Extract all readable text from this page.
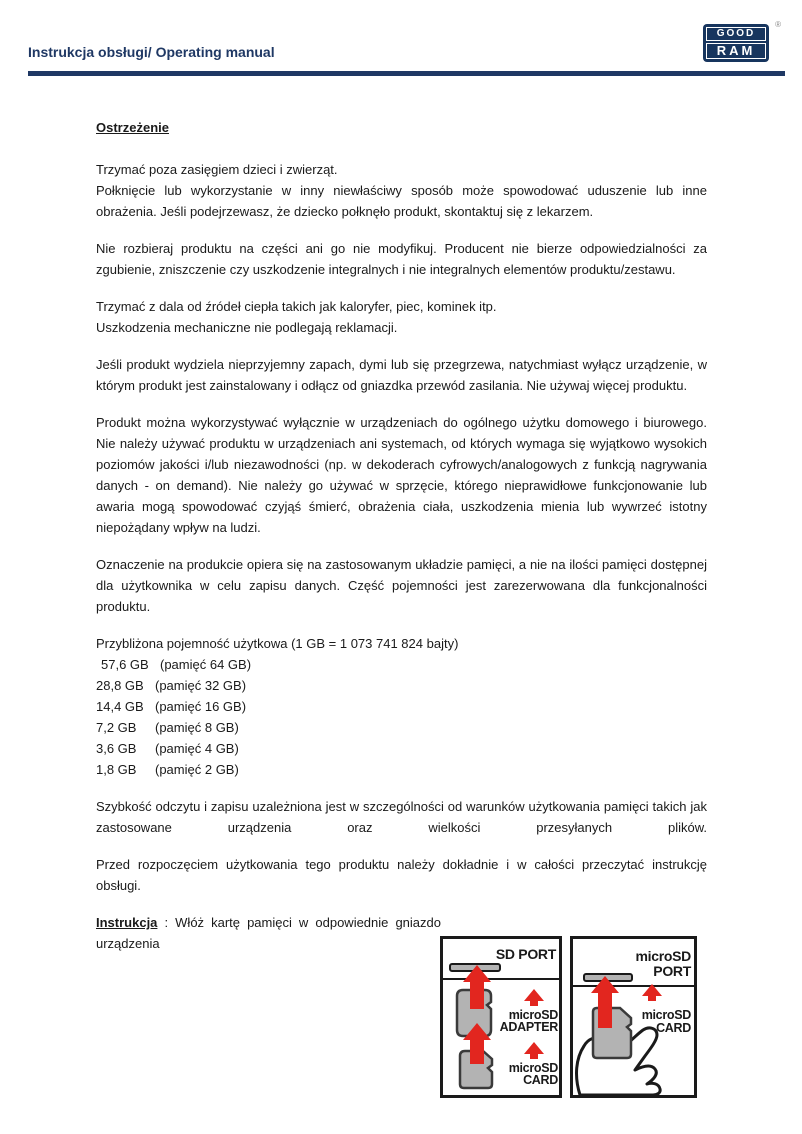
Instrukcja obsługi/ Operating manual
GOOD
RAM
®
Ostrzeżenie
Trzymać poza zasięgiem dzieci i zwierząt.
Połknięcie lub wykorzystanie w inny niewłaściwy sposób może spowodować uduszenie lub inne obrażenia. Jeśli podejrzewasz, że dziecko połknęło produkt, skontaktuj się z lekarzem.
Nie rozbieraj produktu na części ani go nie modyfikuj. Producent nie bierze odpowiedzialności za zgubienie, zniszczenie czy uszkodzenie integralnych i nie integralnych elementów produktu/zestawu.
Trzymać z dala od źródeł ciepła takich jak kaloryfer, piec, kominek itp.
Uszkodzenia mechaniczne nie podlegają reklamacji.
Jeśli produkt wydziela nieprzyjemny zapach, dymi lub się przegrzewa, natychmiast wyłącz urządzenie, w którym produkt jest zainstalowany i odłącz od gniazdka przewód zasilania. Nie używaj więcej produktu.
Produkt można wykorzystywać wyłącznie w urządzeniach do ogólnego użytku domowego i biurowego. Nie należy używać produktu w urządzeniach ani systemach, od których wymaga się wyjątkowo wysokich poziomów jakości i/lub niezawodności (np. w dekoderach cyfrowych/analogowych z funkcją nagrywania danych - on demand). Nie należy go używać w sprzęcie, którego nieprawidłowe funkcjonowanie lub awaria mogą spowodować czyjąś śmierć, obrażenia ciała, uszkodzenia mienia lub wywrzeć istotny niepożądany wpływ na ludzi.
Oznaczenie na produkcie opiera się na zastosowanym układzie pamięci, a nie na ilości pamięci dostępnej dla użytkownika w celu zapisu danych. Część pojemności jest zarezerwowana dla funkcjonalności produktu.
Przybliżona pojemność użytkowa (1 GB = 1 073 741 824 bajty)
57,6 GB (pamięć 64 GB)
28,8 GB (pamięć 32 GB)
14,4 GB (pamięć 16 GB)
7,2 GB	(pamięć 8 GB)
3,6 GB	(pamięć 4 GB)
1,8 GB	(pamięć 2 GB)
Szybkość odczytu i zapisu uzależniona jest w szczególności od warunków użytkowania pamięci takich jak zastosowane urządzenia oraz wielkości przesyłanych plików.
Przed rozpoczęciem użytkowania tego produktu należy dokładnie i w całości przeczytać instrukcję obsługi.
Instrukcja : Włóż kartę pamięci w odpowiednie gniazdo urządzenia
SD PORT
microSD
ADAPTER
microSD
CARD
microSD
PORT
microSD
CARD
